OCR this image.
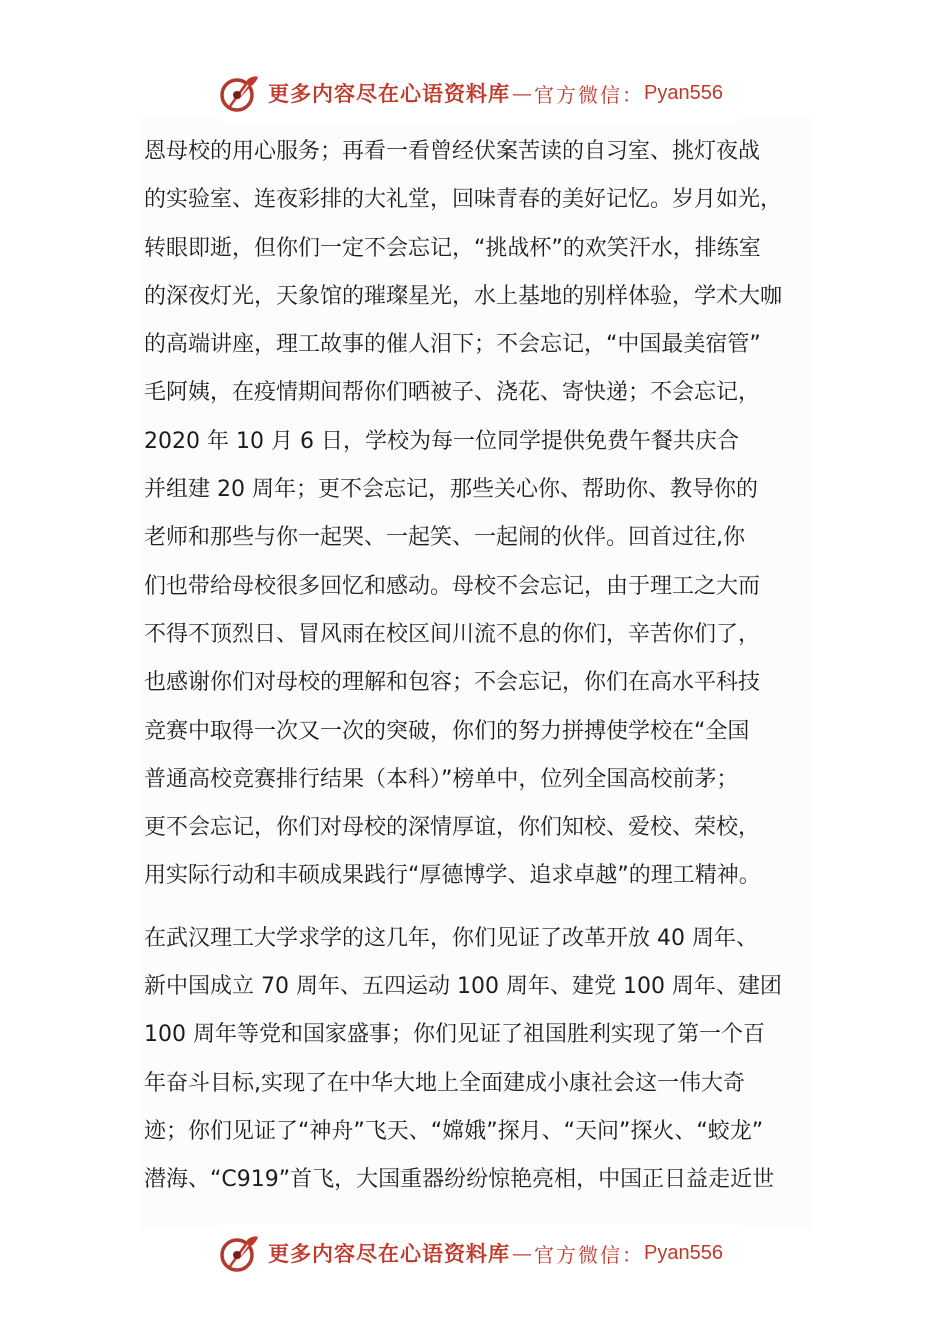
更多内容尽在心语资料库 — 官方微信： Pyan556
恩母校的用心服务；再看一看曾经伏案苦读的自习室、挑灯夜战
的实验室、连夜彩排的大礼堂，回味青春的美好记忆。岁月如光，
转眼即逝，但你们一定不会忘记，“挑战杯”的欢笑汗水，排练室
的深夜灯光，天象馆的璀璨星光，水上基地的别样体验，学术大咖
的高端讲座，理工故事的催人泪下；不会忘记，“中国最美宿管”
毛阿姨，在疫情期间帮你们晒被子、浇花、寄快递；不会忘记，
2020 年 10 月 6 日，学校为每一位同学提供免费午餐共庆合
并组建 20 周年；更不会忘记，那些关心你、帮助你、教导你的
老师和那些与你一起哭、一起笑、一起闹的伙伴。回首过往,你
们也带给母校很多回忆和感动。母校不会忘记，由于理工之大而
不得不顶烈日、冒风雨在校区间川流不息的你们，辛苦你们了，
也感谢你们对母校的理解和包容；不会忘记，你们在高水平科技
竞赛中取得一次又一次的突破，你们的努力拼搏使学校在“全国
普通高校竞赛排行结果（本科）”榜单中，位列全国高校前茅；
更不会忘记，你们对母校的深情厚谊，你们知校、爱校、荣校，
用实际行动和丰硕成果践行“厚德博学、追求卓越”的理工精神。
在武汉理工大学求学的这几年，你们见证了改革开放 40 周年、
新中国成立 70 周年、五四运动 100 周年、建党 100 周年、建团
100 周年等党和国家盛事；你们见证了祖国胜利实现了第一个百
年奋斗目标,实现了在中华大地上全面建成小康社会这一伟大奇
迹；你们见证了“神舟”飞天、“嫦娥”探月、“天问”探火、“蛟龙”
潜海、“C919”首飞，大国重器纷纷惊艳亮相，中国正日益走近世
更多内容尽在心语资料库 — 官方微信： Pyan556
